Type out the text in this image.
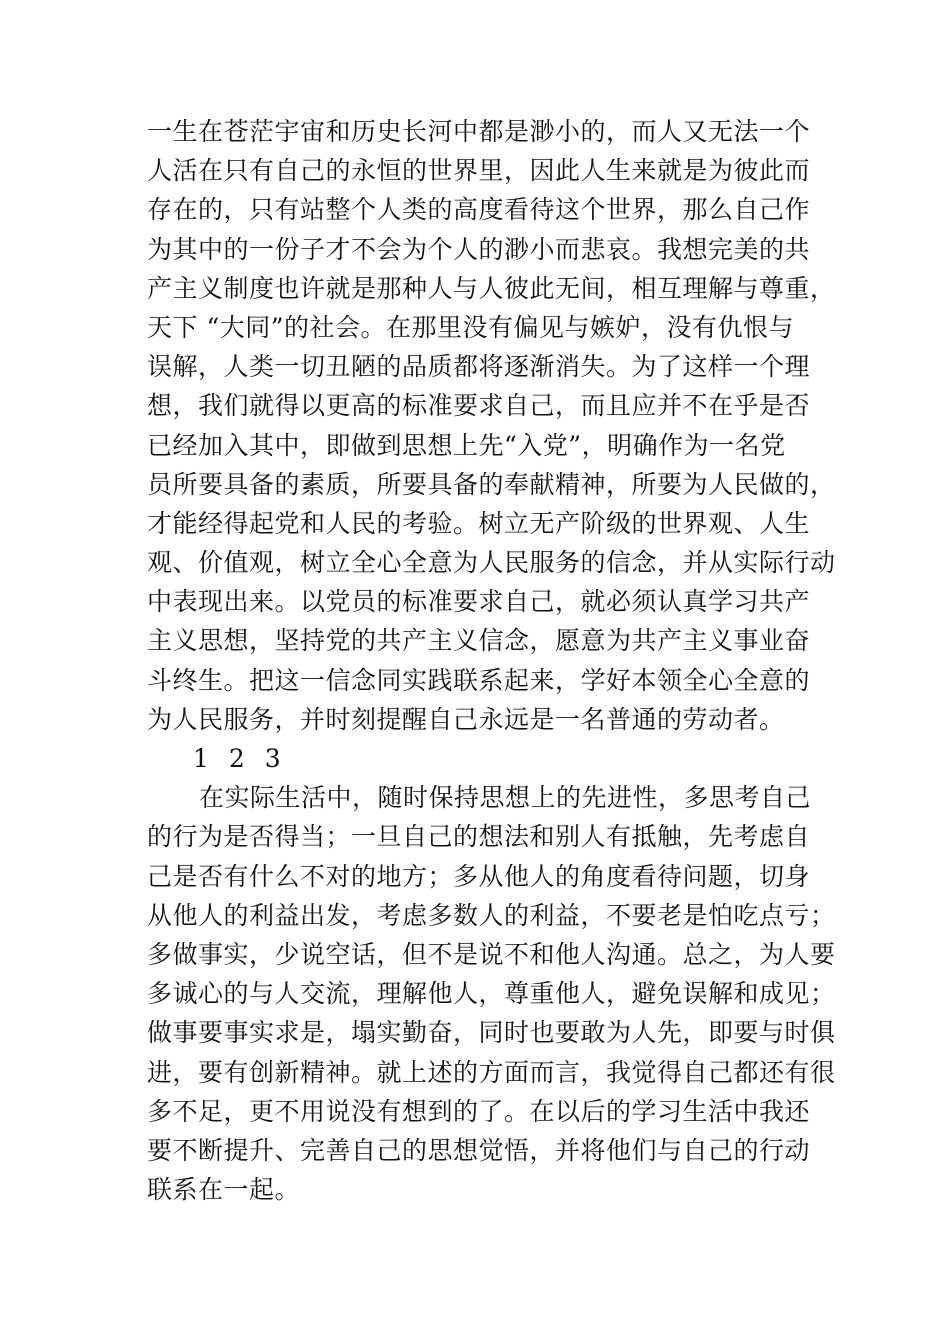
一生在苍茫宇宙和历史长河中都是渺小的，而人又无法一个
人活在只有自己的永恒的世界里，因此人生来就是为彼此而
存在的，只有站整个人类的高度看待这个世界，那么自己作
为其中的一份子才不会为个人的渺小而悲哀。我想完美的共
产主义制度也许就是那种人与人彼此无间，相互理解与尊重，
天下 “大同”的社会。在那里没有偏见与嫉妒，没有仇恨与
误解，人类一切丑陋的品质都将逐渐消失。为了这样一个理
想，我们就得以更高的标准要求自己，而且应并不在乎是否
已经加入其中，即做到思想上先“入党”，明确作为一名党
员所要具备的素质，所要具备的奉献精神，所要为人民做的，
才能经得起党和人民的考验。树立无产阶级的世界观、人生
观、价值观，树立全心全意为人民服务的信念，并从实际行动
中表现出来。以党员的标准要求自己，就必须认真学习共产
主义思想，坚持党的共产主义信念，愿意为共产主义事业奋
斗终生。把这一信念同实践联系起来，学好本领全心全意的
为人民服务，并时刻提醒自己永远是一名普通的劳动者。
1 2 3
在实际生活中，随时保持思想上的先进性，多思考自己
的行为是否得当；一旦自己的想法和别人有抵触，先考虑自
己是否有什么不对的地方；多从他人的角度看待问题，切身
从他人的利益出发，考虑多数人的利益，不要老是怕吃点亏；
多做事实，少说空话，但不是说不和他人沟通。总之，为人要
多诚心的与人交流，理解他人，尊重他人，避免误解和成见；
做事要事实求是，塌实勤奋，同时也要敢为人先，即要与时俱
进，要有创新精神。就上述的方面而言，我觉得自己都还有很
多不足，更不用说没有想到的了。在以后的学习生活中我还
要不断提升、完善自己的思想觉悟，并将他们与自己的行动
联系在一起。
